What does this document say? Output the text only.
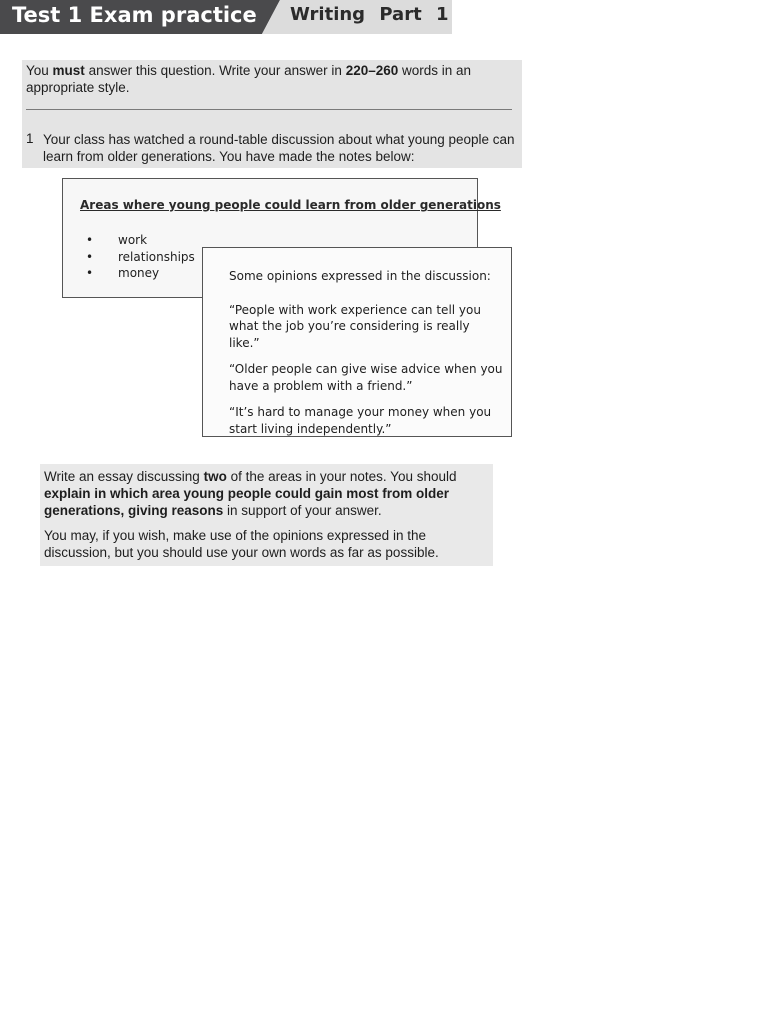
Test 1 Exam practice Writing Part 1
You must answer this question. Write your answer in 220–260 words in an appropriate style.
1 Your class has watched a round-table discussion about what young people can learn from older generations. You have made the notes below:
Areas where young people could learn from older generations
• work
• relationships
• money	Some opinions expressed in the discussion:

“People with work experience can tell you what the job you’re considering is really like.”

“Older people can give wise advice when you have a problem with a friend.”

“It’s hard to manage your money when you start living independently.”

Write an essay discussing two of the areas in your notes. You should explain in which area young people could gain most from older generations, giving reasons in support of your answer.

You may, if you wish, make use of the opinions expressed in the discussion, but you should use your own words as far as possible.
